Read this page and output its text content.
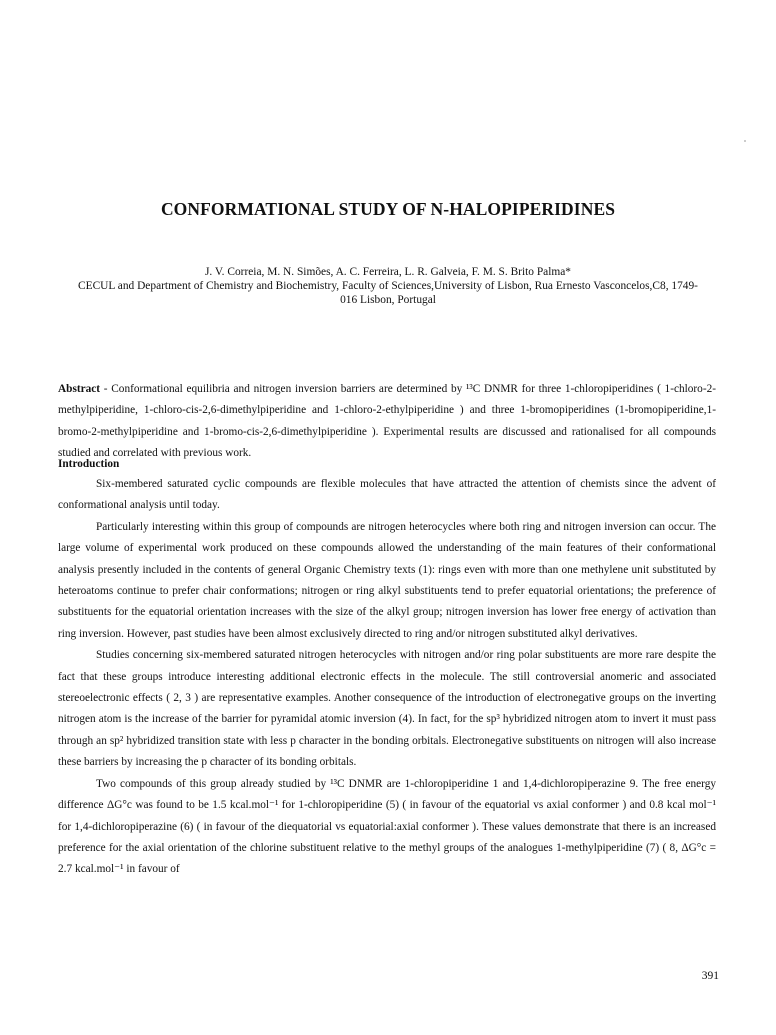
CONFORMATIONAL STUDY OF N-HALOPIPERIDINES
J. V. Correia, M. N. Simões, A. C. Ferreira, L. R. Galveia, F. M. S. Brito Palma*
CECUL and Department of Chemistry and Biochemistry, Faculty of Sciences,University of Lisbon, Rua Ernesto Vasconcelos,C8, 1749-016 Lisbon, Portugal
Abstract - Conformational equilibria and nitrogen inversion barriers are determined by ¹³C DNMR for three 1-chloropiperidines ( 1-chloro-2-methylpiperidine, 1-chloro-cis-2,6-dimethylpiperidine and 1-chloro-2-ethylpiperidine ) and three 1-bromopiperidines (1-bromopiperidine,1-bromo-2-methylpiperidine and 1-bromo-cis-2,6-dimethylpiperidine ). Experimental results are discussed and rationalised for all compounds studied and correlated with previous work.
Introduction

Six-membered saturated cyclic compounds are flexible molecules that have attracted the attention of chemists since the advent of conformational analysis until today.

Particularly interesting within this group of compounds are nitrogen heterocycles where both ring and nitrogen inversion can occur. The large volume of experimental work produced on these compounds allowed the understanding of the main features of their conformational analysis presently included in the contents of general Organic Chemistry texts (1): rings even with more than one methylene unit substituted by heteroatoms continue to prefer chair conformations; nitrogen or ring alkyl substituents tend to prefer equatorial orientations; the preference of substituents for the equatorial orientation increases with the size of the alkyl group; nitrogen inversion has lower free energy of activation than ring inversion. However, past studies have been almost exclusively directed to ring and/or nitrogen substituted alkyl derivatives.

Studies concerning six-membered saturated nitrogen heterocycles with nitrogen and/or ring polar substituents are more rare despite the fact that these groups introduce interesting additional electronic effects in the molecule. The still controversial anomeric and associated stereoelectronic effects ( 2, 3 ) are representative examples. Another consequence of the introduction of electronegative groups on the inverting nitrogen atom is the increase of the barrier for pyramidal atomic inversion (4). In fact, for the sp³ hybridized nitrogen atom to invert it must pass through an sp² hybridized transition state with less p character in the bonding orbitals. Electronegative substituents on nitrogen will also increase these barriers by increasing the p character of its bonding orbitals.

Two compounds of this group already studied by ¹³C DNMR are 1-chloropiperidine 1 and 1,4-dichloropiperazine 9. The free energy difference ΔG°c was found to be 1.5 kcal.mol⁻¹ for 1-chloropiperidine (5) ( in favour of the equatorial vs axial conformer ) and 0.8 kcal mol⁻¹ for 1,4-dichloropiperazine (6) ( in favour of the diequatorial vs equatorial:axial conformer ). These values demonstrate that there is an increased preference for the axial orientation of the chlorine substituent relative to the methyl groups of the analogues 1-methylpiperidine (7) ( 8, ΔG°c = 2.7 kcal.mol⁻¹ in favour of

391
